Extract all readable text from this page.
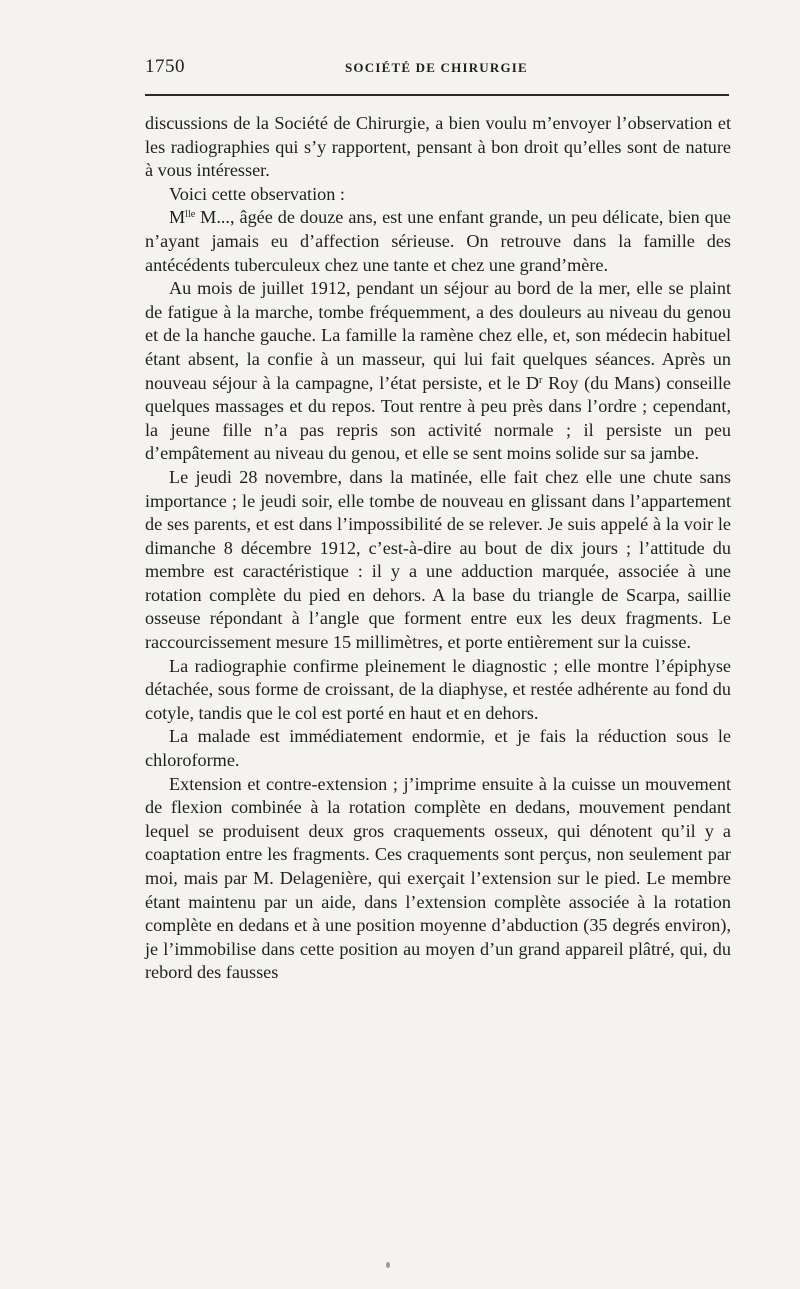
1750	SOCIÉTÉ DE CHIRURGIE

discussions de la Société de Chirurgie, a bien voulu m’envoyer l’observation et les radiographies qui s’y rapportent, pensant à bon droit qu’elles sont de nature à vous intéresser.

Voici cette observation :

$M^{lle}$ M..., âgée de douze ans, est une enfant grande, un peu délicate, bien que n’ayant jamais eu d’affection sérieuse. On retrouve dans la famille des antécédents tuberculeux chez une tante et chez une grand’mère.

Au mois de juillet 1912, pendant un séjour au bord de la mer, elle se plaint de fatigue à la marche, tombe fréquemment, a des douleurs au niveau du genou et de la hanche gauche. La famille la ramène chez elle, et, son médecin habituel étant absent, la confie à un masseur, qui lui fait quelques séances. Après un nouveau séjour à la campagne, l’état persiste, et le $D^r$ Roy (du Mans) conseille quelques massages et du repos. Tout rentre à peu près dans l’ordre ; cependant, la jeune fille n’a pas repris son activité normale ; il persiste un peu d’empâtement au niveau du genou, et elle se sent moins solide sur sa jambe.

Le jeudi 28 novembre, dans la matinée, elle fait chez elle une chute sans importance ; le jeudi soir, elle tombe de nouveau en glissant dans l’appartement de ses parents, et est dans l’impossibilité de se relever. Je suis appelé à la voir le dimanche 8 décembre 1912, c’est-à-dire au bout de dix jours ; l’attitude du membre est caractéristique : il y a une adduction marquée, associée à une rotation complète du pied en dehors. A la base du triangle de Scarpa, saillie osseuse répondant à l’angle que forment entre eux les deux fragments. Le raccourcissement mesure 15 millimètres, et porte entièrement sur la cuisse.

La radiographie confirme pleinement le diagnostic ; elle montre l’épiphyse détachée, sous forme de croissant, de la diaphyse, et restée adhérente au fond du cotyle, tandis que le col est porté en haut et en dehors.

La malade est immédiatement endormie, et je fais la réduction sous le chloroforme.

Extension et contre-extension ; j’imprime ensuite à la cuisse un mouvement de flexion combinée à la rotation complète en dedans, mouvement pendant lequel se produisent deux gros craquements osseux, qui dénotent qu’il y a coaptation entre les fragments. Ces craquements sont perçus, non seulement par moi, mais par M. Delagenière, qui exerçait l’extension sur le pied. Le membre étant maintenu par un aide, dans l’extension complète associée à la rotation complète en dedans et à une position moyenne d’abduction (35 degrés environ), je l’immobilise dans cette position au moyen d’un grand appareil plâtré, qui, du rebord des fausses
